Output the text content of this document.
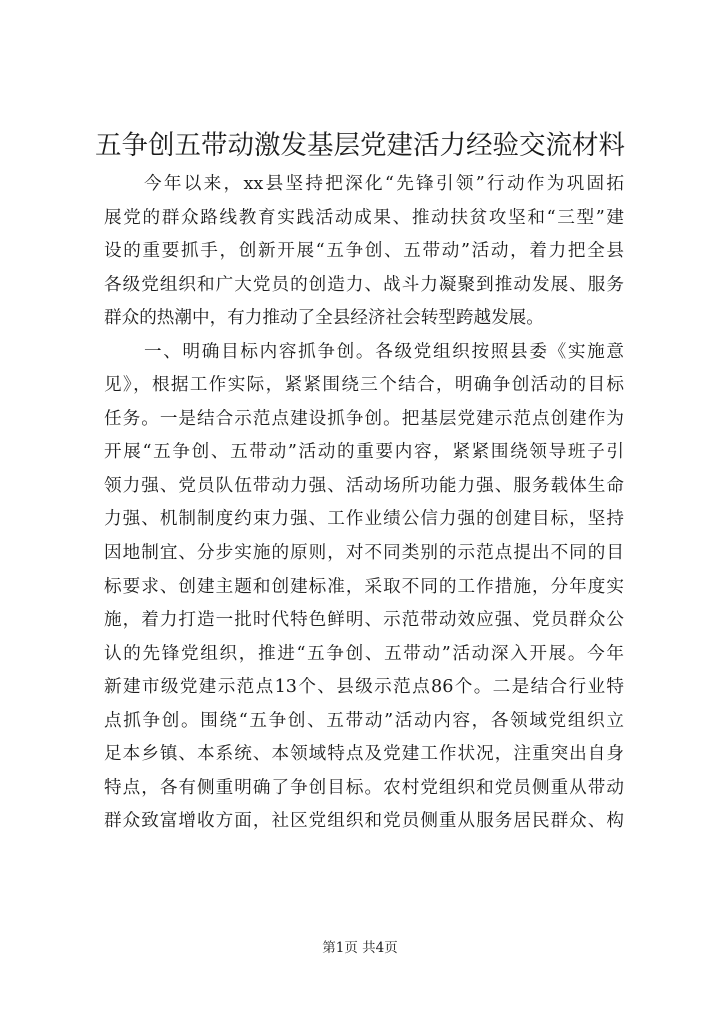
五争创五带动激发基层党建活力经验交流材料
今年以来，xx县坚持把深化“先锋引领”行动作为巩固拓
展党的群众路线教育实践活动成果、推动扶贫攻坚和“三型”建
设的重要抓手，创新开展“五争创、五带动”活动，着力把全县
各级党组织和广大党员的创造力、战斗力凝聚到推动发展、服务
群众的热潮中，有力推动了全县经济社会转型跨越发展。
一、明确目标内容抓争创。各级党组织按照县委《实施意
见》，根据工作实际，紧紧围绕三个结合，明确争创活动的目标
任务。一是结合示范点建设抓争创。把基层党建示范点创建作为
开展“五争创、五带动”活动的重要内容，紧紧围绕领导班子引
领力强、党员队伍带动力强、活动场所功能力强、服务载体生命
力强、机制制度约束力强、工作业绩公信力强的创建目标，坚持
因地制宜、分步实施的原则，对不同类别的示范点提出不同的目
标要求、创建主题和创建标准，采取不同的工作措施，分年度实
施，着力打造一批时代特色鲜明、示范带动效应强、党员群众公
认的先锋党组织，推进“五争创、五带动”活动深入开展。今年
新建市级党建示范点13个、县级示范点86个。二是结合行业特
点抓争创。围绕“五争创、五带动”活动内容，各领域党组织立
足本乡镇、本系统、本领域特点及党建工作状况，注重突出自身
特点，各有侧重明确了争创目标。农村党组织和党员侧重从带动
群众致富增收方面，社区党组织和党员侧重从服务居民群众、构
第1页 共4页
